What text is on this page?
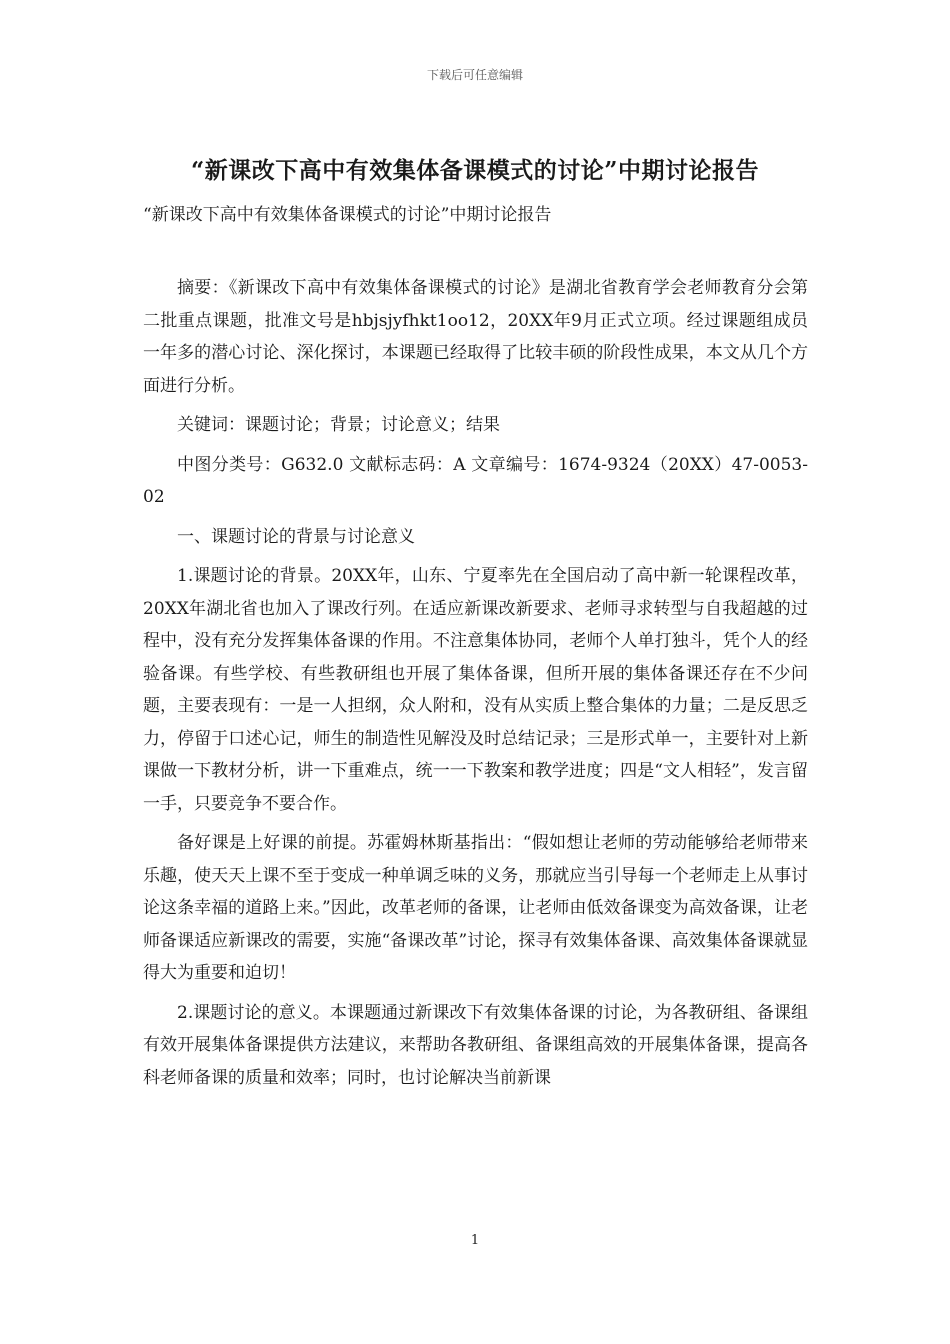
下载后可任意编辑
“新课改下高中有效集体备课模式的讨论”中期讨论报告

“新课改下高中有效集体备课模式的讨论”中期讨论报告

摘要：《新课改下高中有效集体备课模式的讨论》是湖北省教育学会老师教育分会第二批重点课题，批准文号是hbjsjyfhkt1oo12，20XX年9月正式立项。经过课题组成员一年多的潜心讨论、深化探讨，本课题已经取得了比较丰硕的阶段性成果，本文从几个方面进行分析。

关键词：课题讨论；背景；讨论意义；结果

中图分类号：G632.0 文献标志码：A 文章编号：1674-9324（20XX）47-0053-02

一、课题讨论的背景与讨论意义

1.课题讨论的背景。20XX年，山东、宁夏率先在全国启动了高中新一轮课程改革，20XX年湖北省也加入了课改行列。在适应新课改新要求、老师寻求转型与自我超越的过程中，没有充分发挥集体备课的作用。不注意集体协同，老师个人单打独斗，凭个人的经验备课。有些学校、有些教研组也开展了集体备课，但所开展的集体备课还存在不少问题，主要表现有：一是一人担纲，众人附和，没有从实质上整合集体的力量；二是反思乏力，停留于口述心记，师生的制造性见解没及时总结记录；三是形式单一，主要针对上新课做一下教材分析，讲一下重难点，统一一下教案和教学进度；四是“文人相轻”，发言留一手，只要竞争不要合作。

备好课是上好课的前提。苏霍姆林斯基指出：“假如想让老师的劳动能够给老师带来乐趣，使天天上课不至于变成一种单调乏味的义务，那就应当引导每一个老师走上从事讨论这条幸福的道路上来。”因此，改革老师的备课，让老师由低效备课变为高效备课，让老师备课适应新课改的需要，实施“备课改革”讨论，探寻有效集体备课、高效集体备课就显得大为重要和迫切！

2.课题讨论的意义。本课题通过新课改下有效集体备课的讨论，为各教研组、备课组有效开展集体备课提供方法建议，来帮助各教研组、备课组高效的开展集体备课，提高各科老师备课的质量和效率；同时，也讨论解决当前新课

1
